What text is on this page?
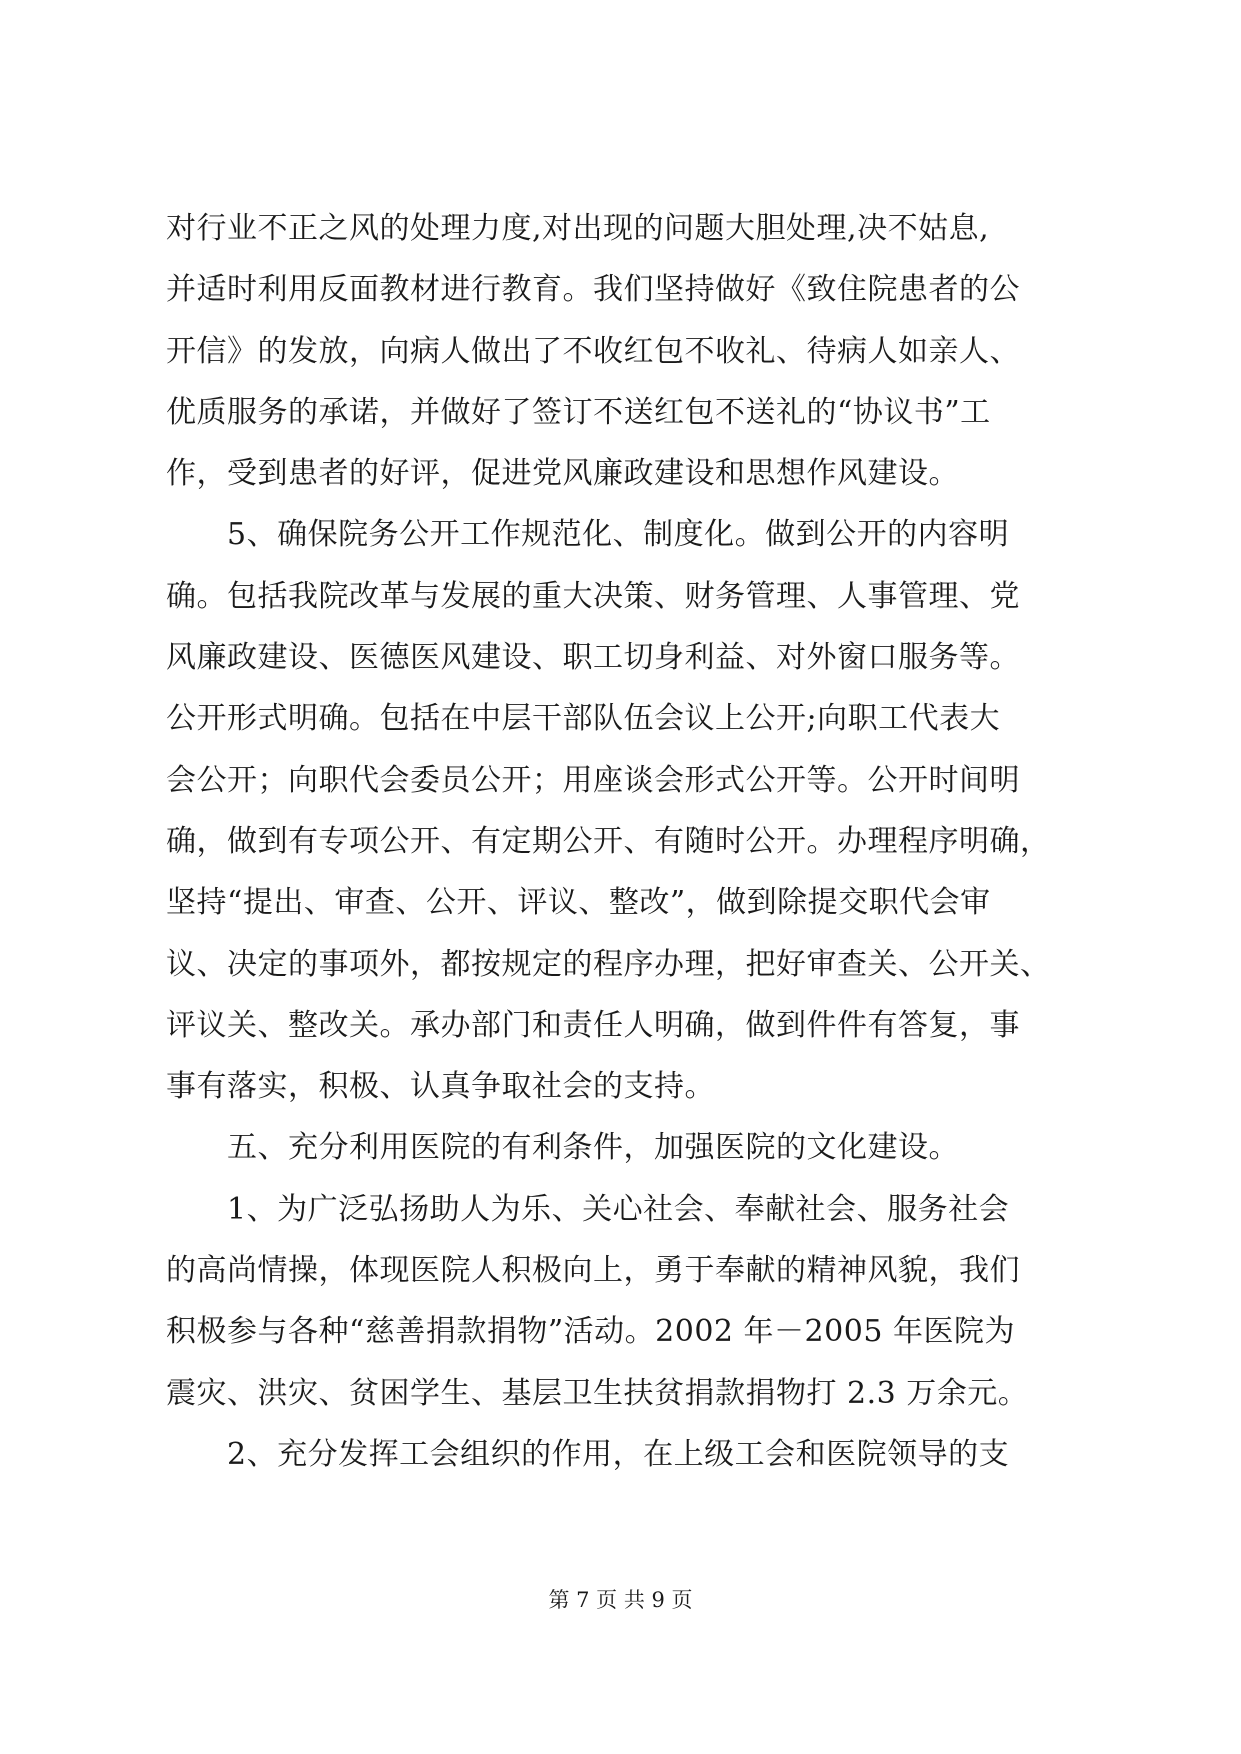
对行业不正之风的处理力度,对出现的问题大胆处理,决不姑息,
并适时利用反面教材进行教育。我们坚持做好《致住院患者的公
开信》的发放，向病人做出了不收红包不收礼、待病人如亲人、
优质服务的承诺，并做好了签订不送红包不送礼的“协议书”工
作，受到患者的好评，促进党风廉政建设和思想作风建设。
　　5、确保院务公开工作规范化、制度化。做到公开的内容明
确。包括我院改革与发展的重大决策、财务管理、人事管理、党
风廉政建设、医德医风建设、职工切身利益、对外窗口服务等。
公开形式明确。包括在中层干部队伍会议上公开;向职工代表大
会公开；向职代会委员公开；用座谈会形式公开等。公开时间明
确，做到有专项公开、有定期公开、有随时公开。办理程序明确，
坚持“提出、审查、公开、评议、整改”，做到除提交职代会审
议、决定的事项外，都按规定的程序办理，把好审查关、公开关、
评议关、整改关。承办部门和责任人明确，做到件件有答复，事
事有落实，积极、认真争取社会的支持。
　　五、充分利用医院的有利条件，加强医院的文化建设。
　　1、为广泛弘扬助人为乐、关心社会、奉献社会、服务社会
的高尚情操，体现医院人积极向上，勇于奉献的精神风貌，我们
积极参与各种“慈善捐款捐物”活动。2002 年－2005 年医院为
震灾、洪灾、贫困学生、基层卫生扶贫捐款捐物打 2.3 万余元。
　　2、充分发挥工会组织的作用，在上级工会和医院领导的支
第 7 页 共 9 页
